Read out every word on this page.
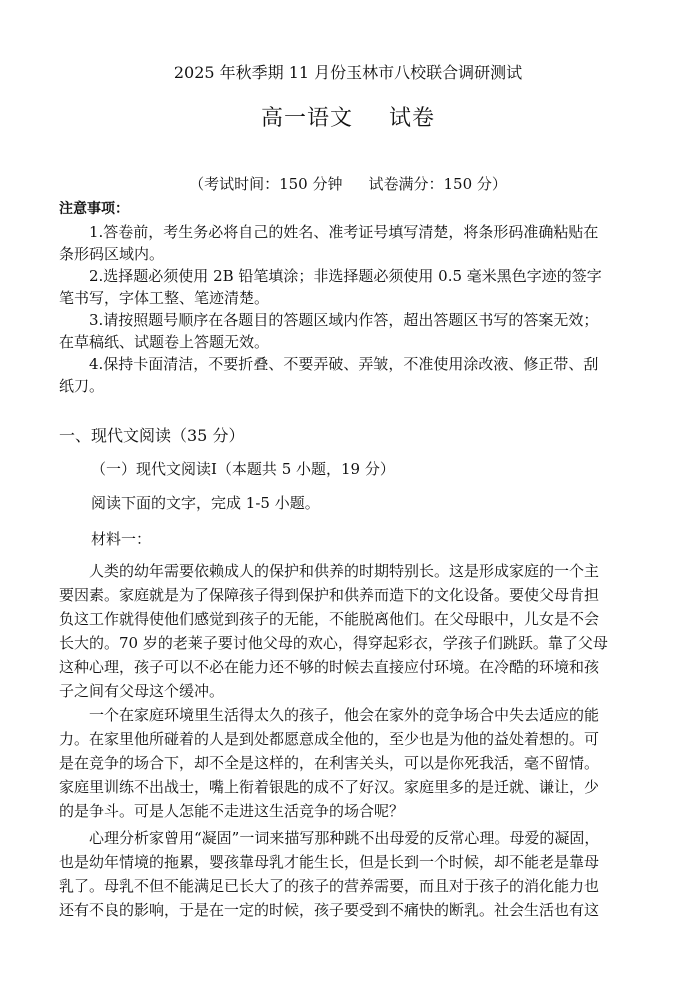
2025 年秋季期 11 月份玉林市八校联合调研测试
高一语文 试卷
（考试时间：150 分钟 试卷满分：150 分）
注意事项：
1.答卷前，考生务必将自己的姓名、准考证号填写清楚，将条形码准确粘贴在
条形码区域内。
2.选择题必须使用 2B 铅笔填涂；非选择题必须使用 0.5 毫米黑色字迹的签字
笔书写，字体工整、笔迹清楚。
3.请按照题号顺序在各题目的答题区域内作答，超出答题区书写的答案无效；
在草稿纸、试题卷上答题无效。
4.保持卡面清洁，不要折叠、不要弄破、弄皱，不准使用涂改液、修正带、刮
纸刀。
一、现代文阅读（35 分）
（一）现代文阅读Ⅰ（本题共 5 小题，19 分）
阅读下面的文字，完成 1-5 小题。
材料一：
人类的幼年需要依赖成人的保护和供养的时期特别长。这是形成家庭的一个主
要因素。家庭就是为了保障孩子得到保护和供养而造下的文化设备。要使父母肯担
负这工作就得使他们感觉到孩子的无能，不能脱离他们。在父母眼中，儿女是不会
长大的。70 岁的老莱子要讨他父母的欢心，得穿起彩衣，学孩子们跳跃。靠了父母
这种心理，孩子可以不必在能力还不够的时候去直接应付环境。在冷酷的环境和孩
子之间有父母这个缓冲。
一个在家庭环境里生活得太久的孩子，他会在家外的竞争场合中失去适应的能
力。在家里他所碰着的人是到处都愿意成全他的，至少也是为他的益处着想的。可
是在竞争的场合下，却不全是这样的，在利害关头，可以是你死我活，毫不留情。
家庭里训练不出战士，嘴上衔着银匙的成不了好汉。家庭里多的是迁就、谦让，少
的是争斗。可是人怎能不走进这生活竞争的场合呢？
心理分析家曾用“凝固”一词来描写那种跳不出母爱的反常心理。母爱的凝固，
也是幼年情境的拖累，婴孩靠母乳才能生长，但是长到一个时候，却不能老是靠母
乳了。母乳不但不能满足已长大了的孩子的营养需要，而且对于孩子的消化能力也
还有不良的影响，于是在一定的时候，孩子要受到不痛快的断乳。社会生活也有这
